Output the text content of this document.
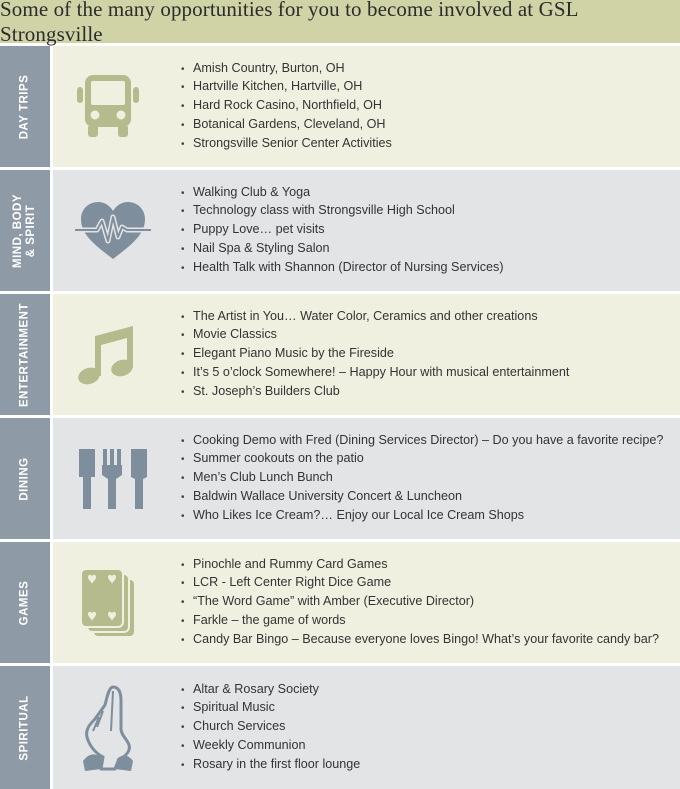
Some of the many opportunities for you to become involved at GSL Strongsville
DAY TRIPS
• Amish Country, Burton, OH
• Hartville Kitchen, Hartville, OH
• Hard Rock Casino, Northfield, OH
• Botanical Gardens, Cleveland, OH
• Strongsville Senior Center Activities
MIND, BODY & SPIRIT
• Walking Club & Yoga
• Technology class with Strongsville High School
• Puppy Love… pet visits
• Nail Spa & Styling Salon
• Health Talk with Shannon (Director of Nursing Services)
ENTERTAINMENT
•	The Artist in You… Water Color, Ceramics and other creations
• Movie Classics
• Elegant Piano Music by the Fireside
• It’s 5 o’clock Somewhere! – Happy Hour with musical entertainment
• St. Joseph’s Builders Club
DINING
• Cooking Demo with Fred (Dining Services Director) – Do you have a favorite recipe?
• Summer cookouts on the patio
• Men’s Club Lunch Bunch
• Baldwin Wallace University Concert & Luncheon
• Who Likes Ice Cream?… Enjoy our Local Ice Cream Shops
GAMES
• Pinochle and Rummy Card Games
• LCR - Left Center Right Dice Game
• “The Word Game” with Amber (Executive Director)
• Farkle – the game of words
• Candy Bar Bingo – Because everyone loves Bingo! What’s your favorite candy bar?
SPIRITUAL
• Altar & Rosary Society
• Spiritual Music
• Church Services
• Weekly Communion
• Rosary in the first floor lounge
